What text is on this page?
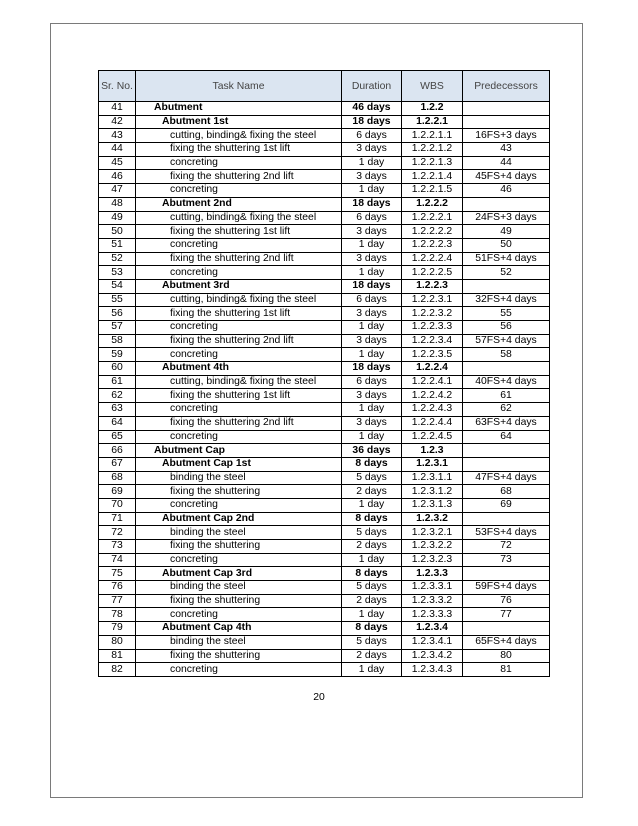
Sr. No.	Task Name	Duration	WBS	Predecessors
41	Abutment	46 days	1.2.2	
42	Abutment 1st	18 days	1.2.2.1	
43	cutting, binding& fixing the steel	6 days	1.2.2.1.1	16FS+3 days
44	fixing the shuttering 1st lift	3 days	1.2.2.1.2	43
45	concreting	1 day	1.2.2.1.3	44
46	fixing the shuttering 2nd lift	3 days	1.2.2.1.4	45FS+4 days
47	concreting	1 day	1.2.2.1.5	46
48	Abutment 2nd	18 days	1.2.2.2	
49	cutting, binding& fixing the steel	6 days	1.2.2.2.1	24FS+3 days
50	fixing the shuttering 1st lift	3 days	1.2.2.2.2	49
51	concreting	1 day	1.2.2.2.3	50
52	fixing the shuttering 2nd lift	3 days	1.2.2.2.4	51FS+4 days
53	concreting	1 day	1.2.2.2.5	52
54	Abutment 3rd	18 days	1.2.2.3	
55	cutting, binding& fixing the steel	6 days	1.2.2.3.1	32FS+4 days
56	fixing the shuttering 1st lift	3 days	1.2.2.3.2	55
57	concreting	1 day	1.2.2.3.3	56
58	fixing the shuttering 2nd lift	3 days	1.2.2.3.4	57FS+4 days
59	concreting	1 day	1.2.2.3.5	58
60	Abutment 4th	18 days	1.2.2.4	
61	cutting, binding& fixing the steel	6 days	1.2.2.4.1	40FS+4 days
62	fixing the shuttering 1st lift	3 days	1.2.2.4.2	61
63	concreting	1 day	1.2.2.4.3	62
64	fixing the shuttering 2nd lift	3 days	1.2.2.4.4	63FS+4 days
65	concreting	1 day	1.2.2.4.5	64
66	Abutment Cap	36 days	1.2.3	
67	Abutment Cap 1st	8 days	1.2.3.1	
68	binding the steel	5 days	1.2.3.1.1	47FS+4 days
69	fixing the shuttering	2 days	1.2.3.1.2	68
70	concreting	1 day	1.2.3.1.3	69
71	Abutment Cap 2nd	8 days	1.2.3.2	
72	binding the steel	5 days	1.2.3.2.1	53FS+4 days
73	fixing the shuttering	2 days	1.2.3.2.2	72
74	concreting	1 day	1.2.3.2.3	73
75	Abutment Cap 3rd	8 days	1.2.3.3	
76	binding the steel	5 days	1.2.3.3.1	59FS+4 days
77	fixing the shuttering	2 days	1.2.3.3.2	76
78	concreting	1 day	1.2.3.3.3	77
79	Abutment Cap 4th	8 days	1.2.3.4	
80	binding the steel	5 days	1.2.3.4.1	65FS+4 days
81	fixing the shuttering	2 days	1.2.3.4.2	80
82	concreting	1 day	1.2.3.4.3	81
20
